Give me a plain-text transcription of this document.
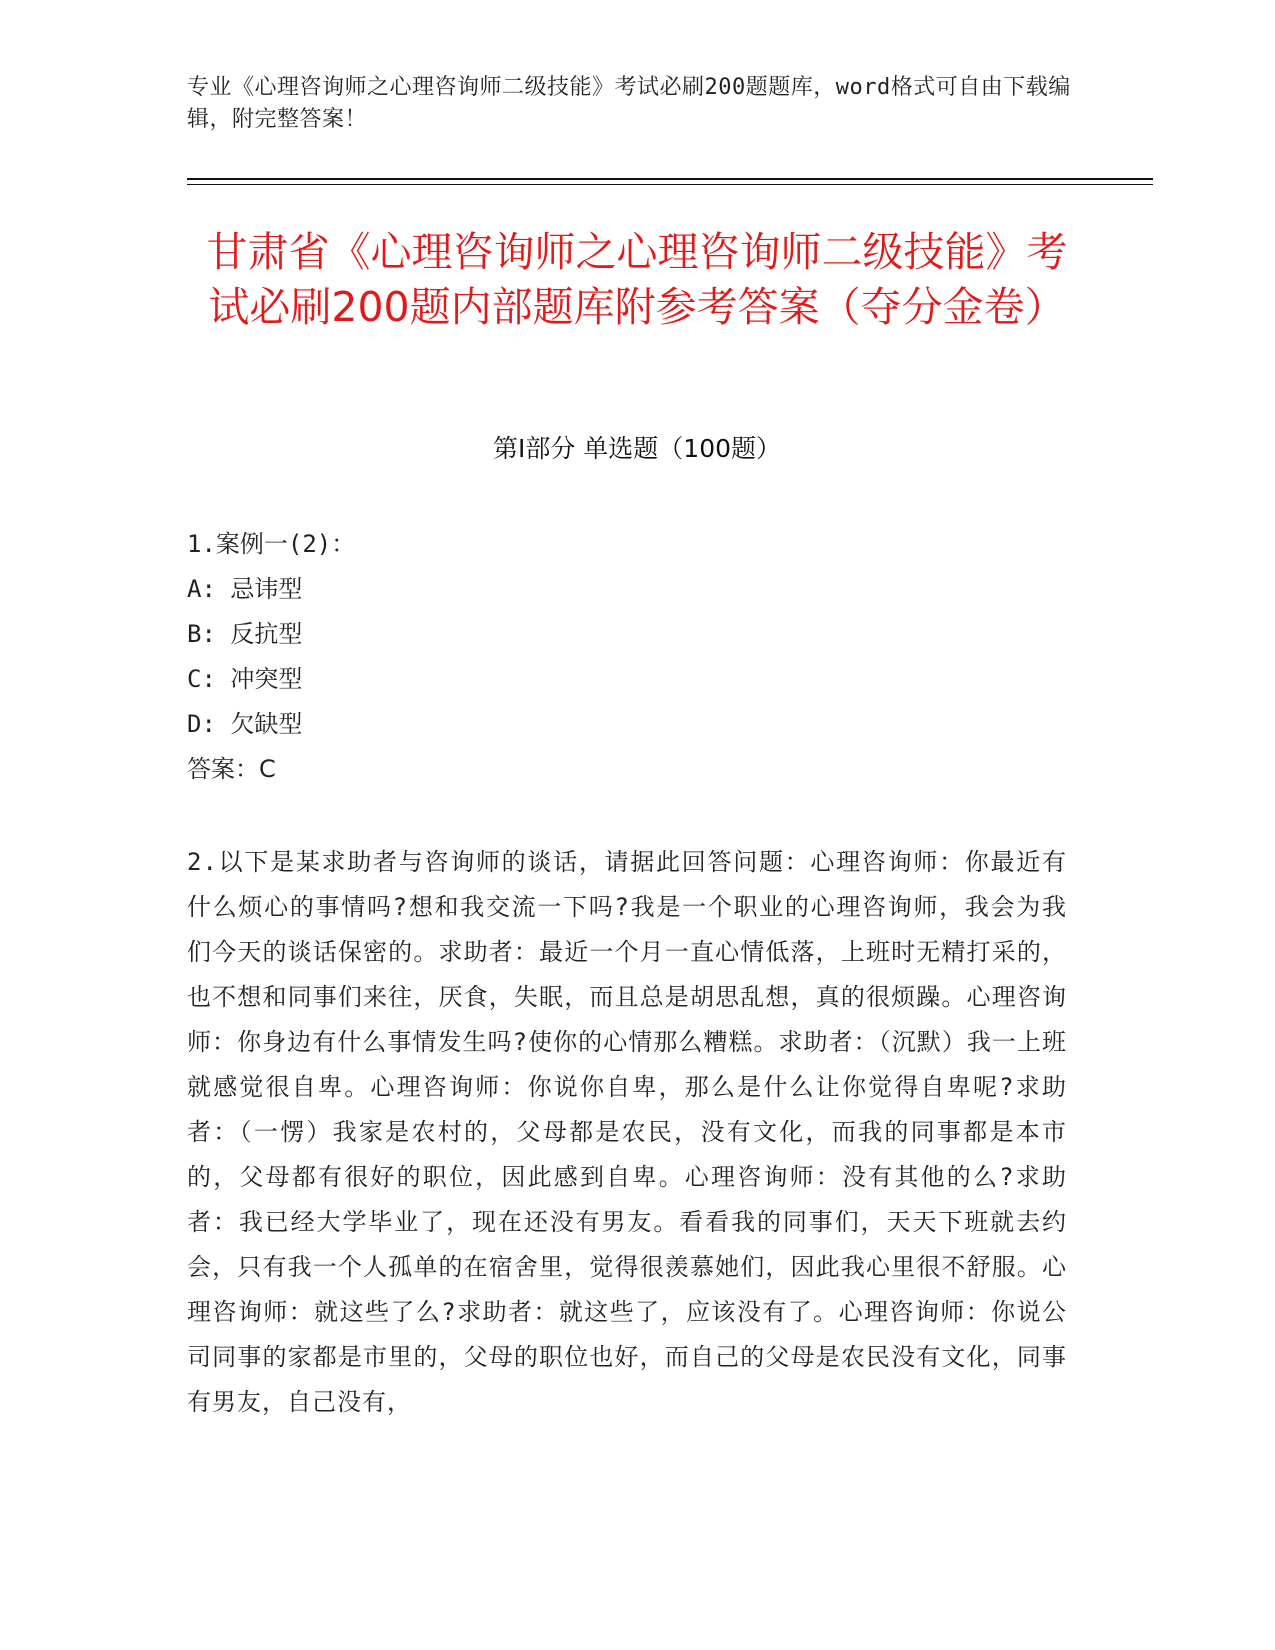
专业《心理咨询师之心理咨询师二级技能》考试必刷200题题库，word格式可自由下载编辑，附完整答案！
甘肃省《心理咨询师之心理咨询师二级技能》考试必刷200题内部题库附参考答案（夺分金卷）
第Ⅰ部分 单选题（100题）
1.案例一(2)：
A: 忌讳型
B: 反抗型
C: 冲突型
D: 欠缺型
答案：C
2.以下是某求助者与咨询师的谈话，请据此回答问题：心理咨询师：你最近有什么烦心的事情吗?想和我交流一下吗?我是一个职业的心理咨询师，我会为我们今天的谈话保密的。求助者：最近一个月一直心情低落，上班时无精打采的，也不想和同事们来往，厌食，失眠，而且总是胡思乱想，真的很烦躁。心理咨询师：你身边有什么事情发生吗?使你的心情那么糟糕。求助者：（沉默）我一上班就感觉很自卑。心理咨询师：你说你自卑，那么是什么让你觉得自卑呢?求助者：（一愣）我家是农村的，父母都是农民，没有文化，而我的同事都是本市的，父母都有很好的职位，因此感到自卑。心理咨询师：没有其他的么?求助者：我已经大学毕业了，现在还没有男友。看看我的同事们，天天下班就去约会，只有我一个人孤单的在宿舍里，觉得很羡慕她们，因此我心里很不舒服。心理咨询师：就这些了么?求助者：就这些了，应该没有了。心理咨询师：你说公司同事的家都是市里的，父母的职位也好，而自己的父母是农民没有文化，同事有男友，自己没有，
